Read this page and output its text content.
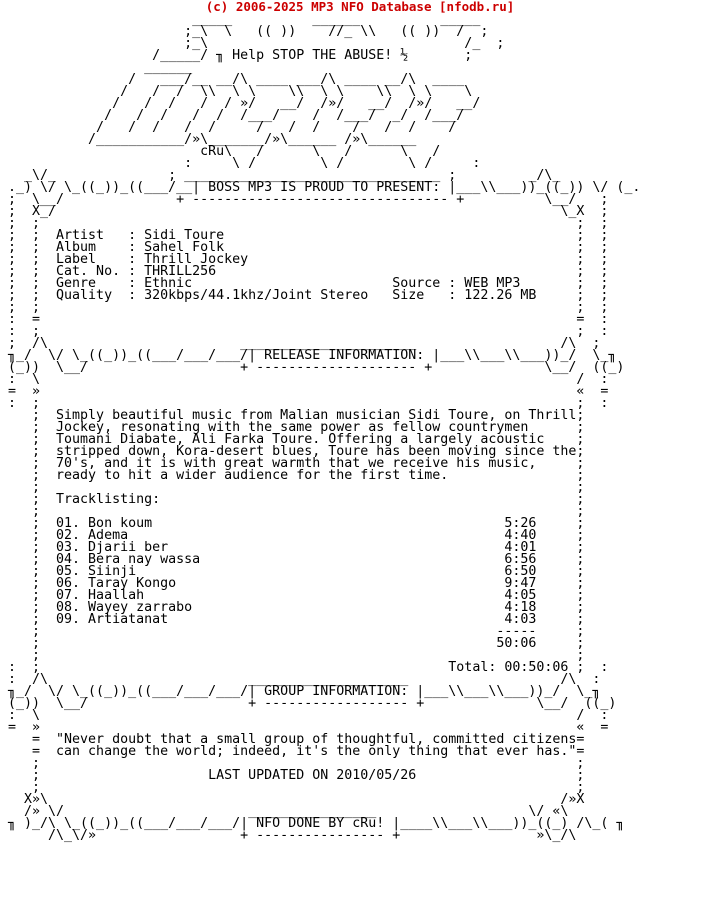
(c) 2006-2025 MP3 NFO Database [nfodb.ru]
_____          ______          _____
;_\  \   (( ))    //_ \\   (( ))  /  ;
;_\                                /_  ;
/_____/ ╖ Help STOP THE ABUSE! ½       ;
______
/   ___/__ __/\ ____ ___/\ ____ __/\  ____
/   /  /  \\  \ \    \\  \ \    \\  \ \    \
/   /  /   /  / »/   __/  /»/   __/  /»/   __/
/   /  /   /  /  /___/    /  /___/  _/  /___/
/   /  /   /  /     /   /  /    /   /  /    /
/___________/»\_______/»\______ /»\______
cRu\   /      \   /      \   /
:     \ /        \ /        \ /     :
_\/_              ; ________________________________ ;         _/\_
._) \/ \_((_))_((___/__| BOSS MP3 IS PROUD TO PRESENT: |___\\___))_((_)) \/ (_.
;  \__/              + -------------------------------- +          \__/   ;
;  X_/                                                               \_X  ;
;  ;                                                                   ;  ;
;  ;  Artist   : Sidi Toure                                            ;  ;
;  ;  Album    : Sahel Folk                                            ;  ;
;  ;  Label    : Thrill Jockey                                         ;  ;
;  ;  Cat. No. : THRILL256                                             ;  ;
;  ;  Genre    : Ethnic                         Source : WEB MP3       ;  ;
;  ;  Quality  : 320kbps/44.1khz/Joint Stereo   Size   : 122.26 MB     ;  ;
;  ;                                                                   ;  ;
:  =                                                                   =  :
:  ;                                                                   ;  :
;  /\                        ______________________                  /\  ;
╖_/  \/ \_((_))_((___/___/___/| RELEASE INFORMATION: |___\\___\\___))_/  \_╖
(_))  \__/                   + -------------------- +              \__/  ((_)
:  \                                                                   /  :
=  »                                                                   «  =
:  ;                                                                   ;  :
;  Simply beautiful music from Malian musician Sidi Toure, on Thrill;
;  Jockey, resonating with the same power as fellow countrymen      ;
;  Toumani Diabate, Ali Farka Toure. Offering a largely acoustic    ;
;  stripped down, Kora-desert blues, Toure has been moving since the;
;  70's, and it is with great warmth that we receive his music,     ;
;  ready to hit a wider audience for the first time.                ;
;                                                                   ;
;  Tracklisting:                                                    ;
;                                                                   ;
;  01. Bon koum                                            5:26     ;
;  02. Adema                                               4:40     ;
;  03. Djarii ber                                          4:01     ;
;  04. Bera nay wassa                                      6:56     ;
;  05. Siinji                                              6:50     ;
;  06. Taray Kongo                                         9:47     ;
;  07. Haallah                                             4:05     ;
;  08. Wayey zarrabo                                       4:18     ;
;  09. Artiatanat                                          4:03     ;
;                                                         -----     ;
;                                                         50:06     ;
;                                                                   ;
:  ;                                                   Total: 00:50:06 ;  :
:  /\                         ____________________                   /\  :
╖_/  \/ \_((_))_((___/___/___/| GROUP INFORMATION: |___\\___\\___))_/  \_╖
(_))  \__/                    + ------------------ +              \__/  ((_)
:  \                                                                   /  :
=  »                                                                   «  =
=  "Never doubt that a small group of thoughtful, committed citizens=
=  can change the world; indeed, it's the only thing that ever has."=
;                                                                   ;
;                     LAST UPDATED ON 2010/05/26                    ;
;                                                                   ;
X»\                                                                /»X
/» \/                       ________________                   \/ «\
╖ )_/\ \_((_))_((___/___/___/| NFO DONE BY cRu! |____\\___\\___))_((_) /\_( ╖
/\_\/»                  + ---------------- +                 »\_/\
